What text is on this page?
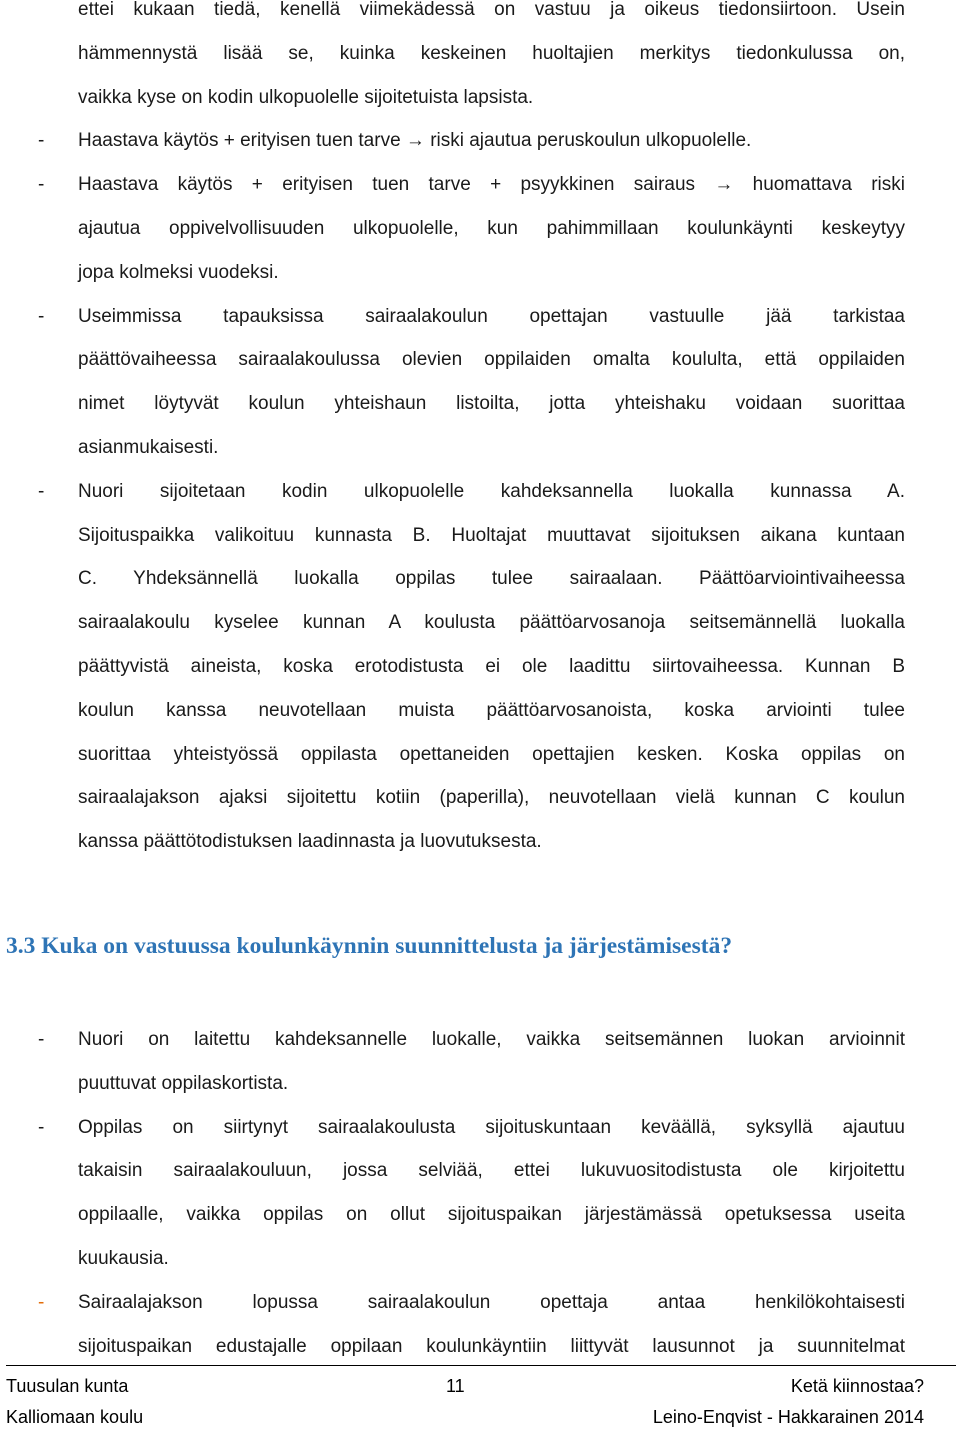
ettei kukaan tiedä, kenellä viimekädessä on vastuu ja oikeus tiedonsiirtoon. Usein
hämmennystä lisää se, kuinka keskeinen huoltajien merkitys tiedonkulussa on,
vaikka kyse on kodin ulkopuolelle sijoitetuista lapsista.
-	Haastava käytös + erityisen tuen tarve → riski ajautua peruskoulun ulkopuolelle.
-	Haastava käytös + erityisen tuen tarve + psyykkinen sairaus → huomattava riski
ajautua oppivelvollisuuden ulkopuolelle, kun pahimmillaan koulunkäynti keskeytyy
jopa kolmeksi vuodeksi.
-	Useimmissa tapauksissa sairaalakoulun opettajan vastuulle jää tarkistaa
päättövaiheessa sairaalakoulussa olevien oppilaiden omalta koululta, että oppilaiden
nimet löytyvät koulun yhteishaun listoilta, jotta yhteishaku voidaan suorittaa
asianmukaisesti.
-	Nuori sijoitetaan kodin ulkopuolelle kahdeksannella luokalla kunnassa A.
Sijoituspaikka valikoituu kunnasta B. Huoltajat muuttavat sijoituksen aikana kuntaan
C. Yhdeksännellä luokalla oppilas tulee sairaalaan. Päättöarviointivaiheessa
sairaalakoulu kyselee kunnan A koulusta päättöarvosanoja seitsemännellä luokalla
päättyvistä aineista, koska erotodistusta ei ole laadittu siirtovaiheessa. Kunnan B
koulun kanssa neuvotellaan muista päättöarvosanoista, koska arviointi tulee
suorittaa yhteistyössä oppilasta opettaneiden opettajien kesken. Koska oppilas on
sairaalajakson ajaksi sijoitettu kotiin (paperilla), neuvotellaan vielä kunnan C koulun
kanssa päättötodistuksen laadinnasta ja luovutuksesta.
3.3 Kuka on vastuussa koulunkäynnin suunnittelusta ja järjestämisestä?
-	Nuori on laitettu kahdeksannelle luokalle, vaikka seitsemännen luokan arvioinnit
puuttuvat oppilaskortista.
-	Oppilas on siirtynyt sairaalakoulusta sijoituskuntaan keväällä, syksyllä ajautuu
takaisin sairaalakouluun, jossa selviää, ettei lukuvuositodistusta ole kirjoitettu
oppilaalle, vaikka oppilas on ollut sijoituspaikan järjestämässä opetuksessa useita
kuukausia.
-	Sairaalajakson lopussa sairaalakoulun opettaja antaa henkilökohtaisesti
sijoituspaikan edustajalle oppilaan koulunkäyntiin liittyvät lausunnot ja suunnitelmat
Tuusulan kunta
Kalliomaan koulu
11	Ketä kiinnostaa?
Leino-Enqvist - Hakkarainen 2014
